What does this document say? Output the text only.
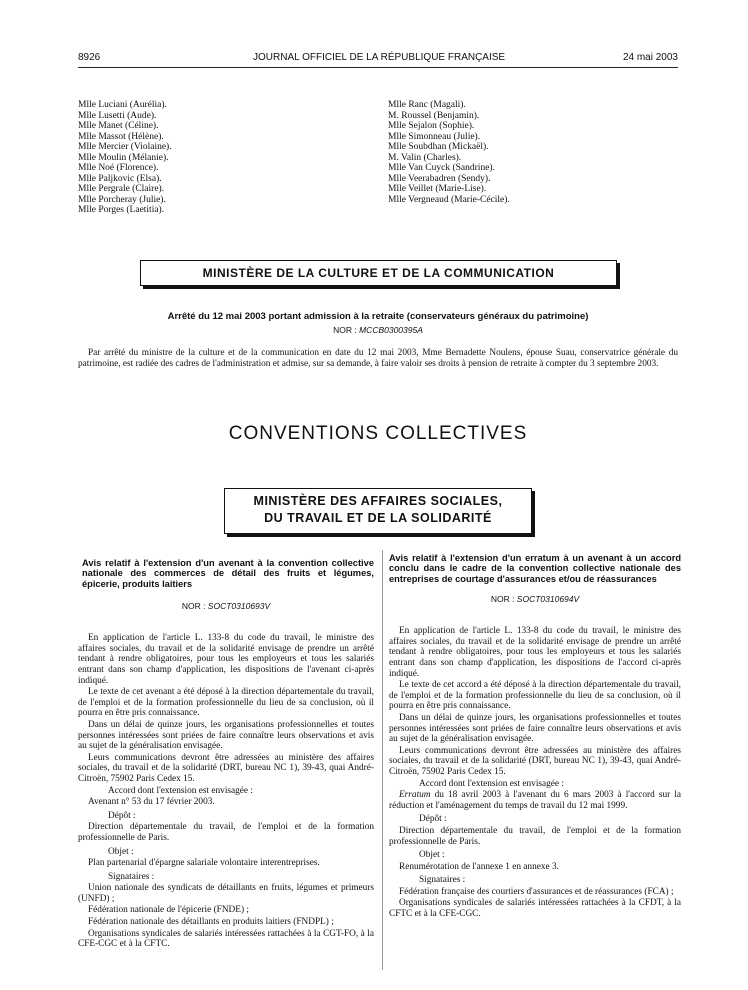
8926	JOURNAL OFFICIEL DE LA RÉPUBLIQUE FRANÇAISE	24 mai 2003
Mlle Luciani (Aurélia).
Mlle Lusetti (Aude).
Mlle Manet (Céline).
Mlle Massot (Hélène).
Mlle Mercier (Violaine).
Mlle Moulin (Mélanie).
Mlle Noé (Florence).
Mlle Paljkovic (Elsa).
Mlle Pergrale (Claire).
Mlle Porcheray (Julie).
Mlle Porges (Laetitia).
Mlle Ranc (Magali).
M. Roussel (Benjamin).
Mlle Sejalon (Sophie).
Mlle Simonneau (Julie).
Mlle Soubdhan (Mickaël).
M. Valin (Charles).
Mlle Van Cuyck (Sandrine).
Mlle Veerabadren (Sendy).
Mlle Veillet (Marie-Lise).
Mlle Vergneaud (Marie-Cécile).
MINISTÈRE DE LA CULTURE ET DE LA COMMUNICATION
Arrêté du 12 mai 2003 portant admission à la retraite (conservateurs généraux du patrimoine)
NOR : MCCB0300395A

Par arrêté du ministre de la culture et de la communication en date du 12 mai 2003, Mme Bernadette Noulens, épouse Suau, conservatrice générale du patrimoine, est radiée des cadres de l'administration et admise, sur sa demande, à faire valoir ses droits à pension de retraite à compter du 3 septembre 2003.

CONVENTIONS COLLECTIVES
MINISTÈRE DES AFFAIRES SOCIALES,
DU TRAVAIL ET DE LA SOLIDARITÉ
Avis relatif à l'extension d'un avenant à la convention collective nationale des commerces de détail des fruits et légumes, épicerie, produits laitiers
NOR : SOCT0310693V

En application de l'article L. 133-8 du code du travail, le ministre des affaires sociales, du travail et de la solidarité envisage de prendre un arrêté tendant à rendre obligatoires, pour tous les employeurs et tous les salariés entrant dans son champ d'application, les dispositions de l'avenant ci-après indiqué.

Le texte de cet avenant a été déposé à la direction départementale du travail, de l'emploi et de la formation professionnelle du lieu de sa conclusion, où il pourra en être pris connaissance.

Dans un délai de quinze jours, les organisations professionnelles et toutes personnes intéressées sont priées de faire connaître leurs observations et avis au sujet de la généralisation envisagée.

Leurs communications devront être adressées au ministère des affaires sociales, du travail et de la solidarité (DRT, bureau NC 1), 39-43, quai André-Citroën, 75902 Paris Cedex 15.

Accord dont l'extension est envisagée :

Avenant n° 53 du 17 février 2003.

Dépôt :

Direction départementale du travail, de l'emploi et de la formation professionnelle de Paris.

Objet :

Plan partenarial d'épargne salariale volontaire interentreprises.

Signataires :

Union nationale des syndicats de détaillants en fruits, légumes et primeurs (UNFD) ;

Fédération nationale de l'épicerie (FNDE) ;

Fédération nationale des détaillants en produits laitiers (FNDPL) ;

Organisations syndicales de salariés intéressées rattachées à la CGT-FO, à la CFE-CGC et à la CFTC.

Avis relatif à l'extension d'un erratum à un avenant à un accord conclu dans le cadre de la convention collective nationale des entreprises de courtage d'assurances et/ou de réassurances
NOR : SOCT0310694V

En application de l'article L. 133-8 du code du travail, le ministre des affaires sociales, du travail et de la solidarité envisage de prendre un arrêté tendant à rendre obligatoires, pour tous les employeurs et tous les salariés entrant dans son champ d'application, les dispositions de l'accord ci-après indiqué.

Le texte de cet accord a été déposé à la direction départementale du travail, de l'emploi et de la formation professionnelle du lieu de sa conclusion, où il pourra en être pris connaissance.

Dans un délai de quinze jours, les organisations professionnelles et toutes personnes intéressées sont priées de faire connaître leurs observations et avis au sujet de la généralisation envisagée.

Leurs communications devront être adressées au ministère des affaires sociales, du travail et de la solidarité (DRT, bureau NC 1), 39-43, quai André-Citroën, 75902 Paris Cedex 15.

Accord dont l'extension est envisagée :

Erratum du 18 avril 2003 à l'avenant du 6 mars 2003 à l'accord sur la réduction et l'aménagement du temps de travail du 12 mai 1999.

Dépôt :

Direction départementale du travail, de l'emploi et de la formation professionnelle de Paris.

Objet :

Renumérotation de l'annexe 1 en annexe 3.

Signataires :

Fédération française des courtiers d'assurances et de réassurances (FCA) ;

Organisations syndicales de salariés intéressées rattachées à la CFDT, à la CFTC et à la CFE-CGC.
